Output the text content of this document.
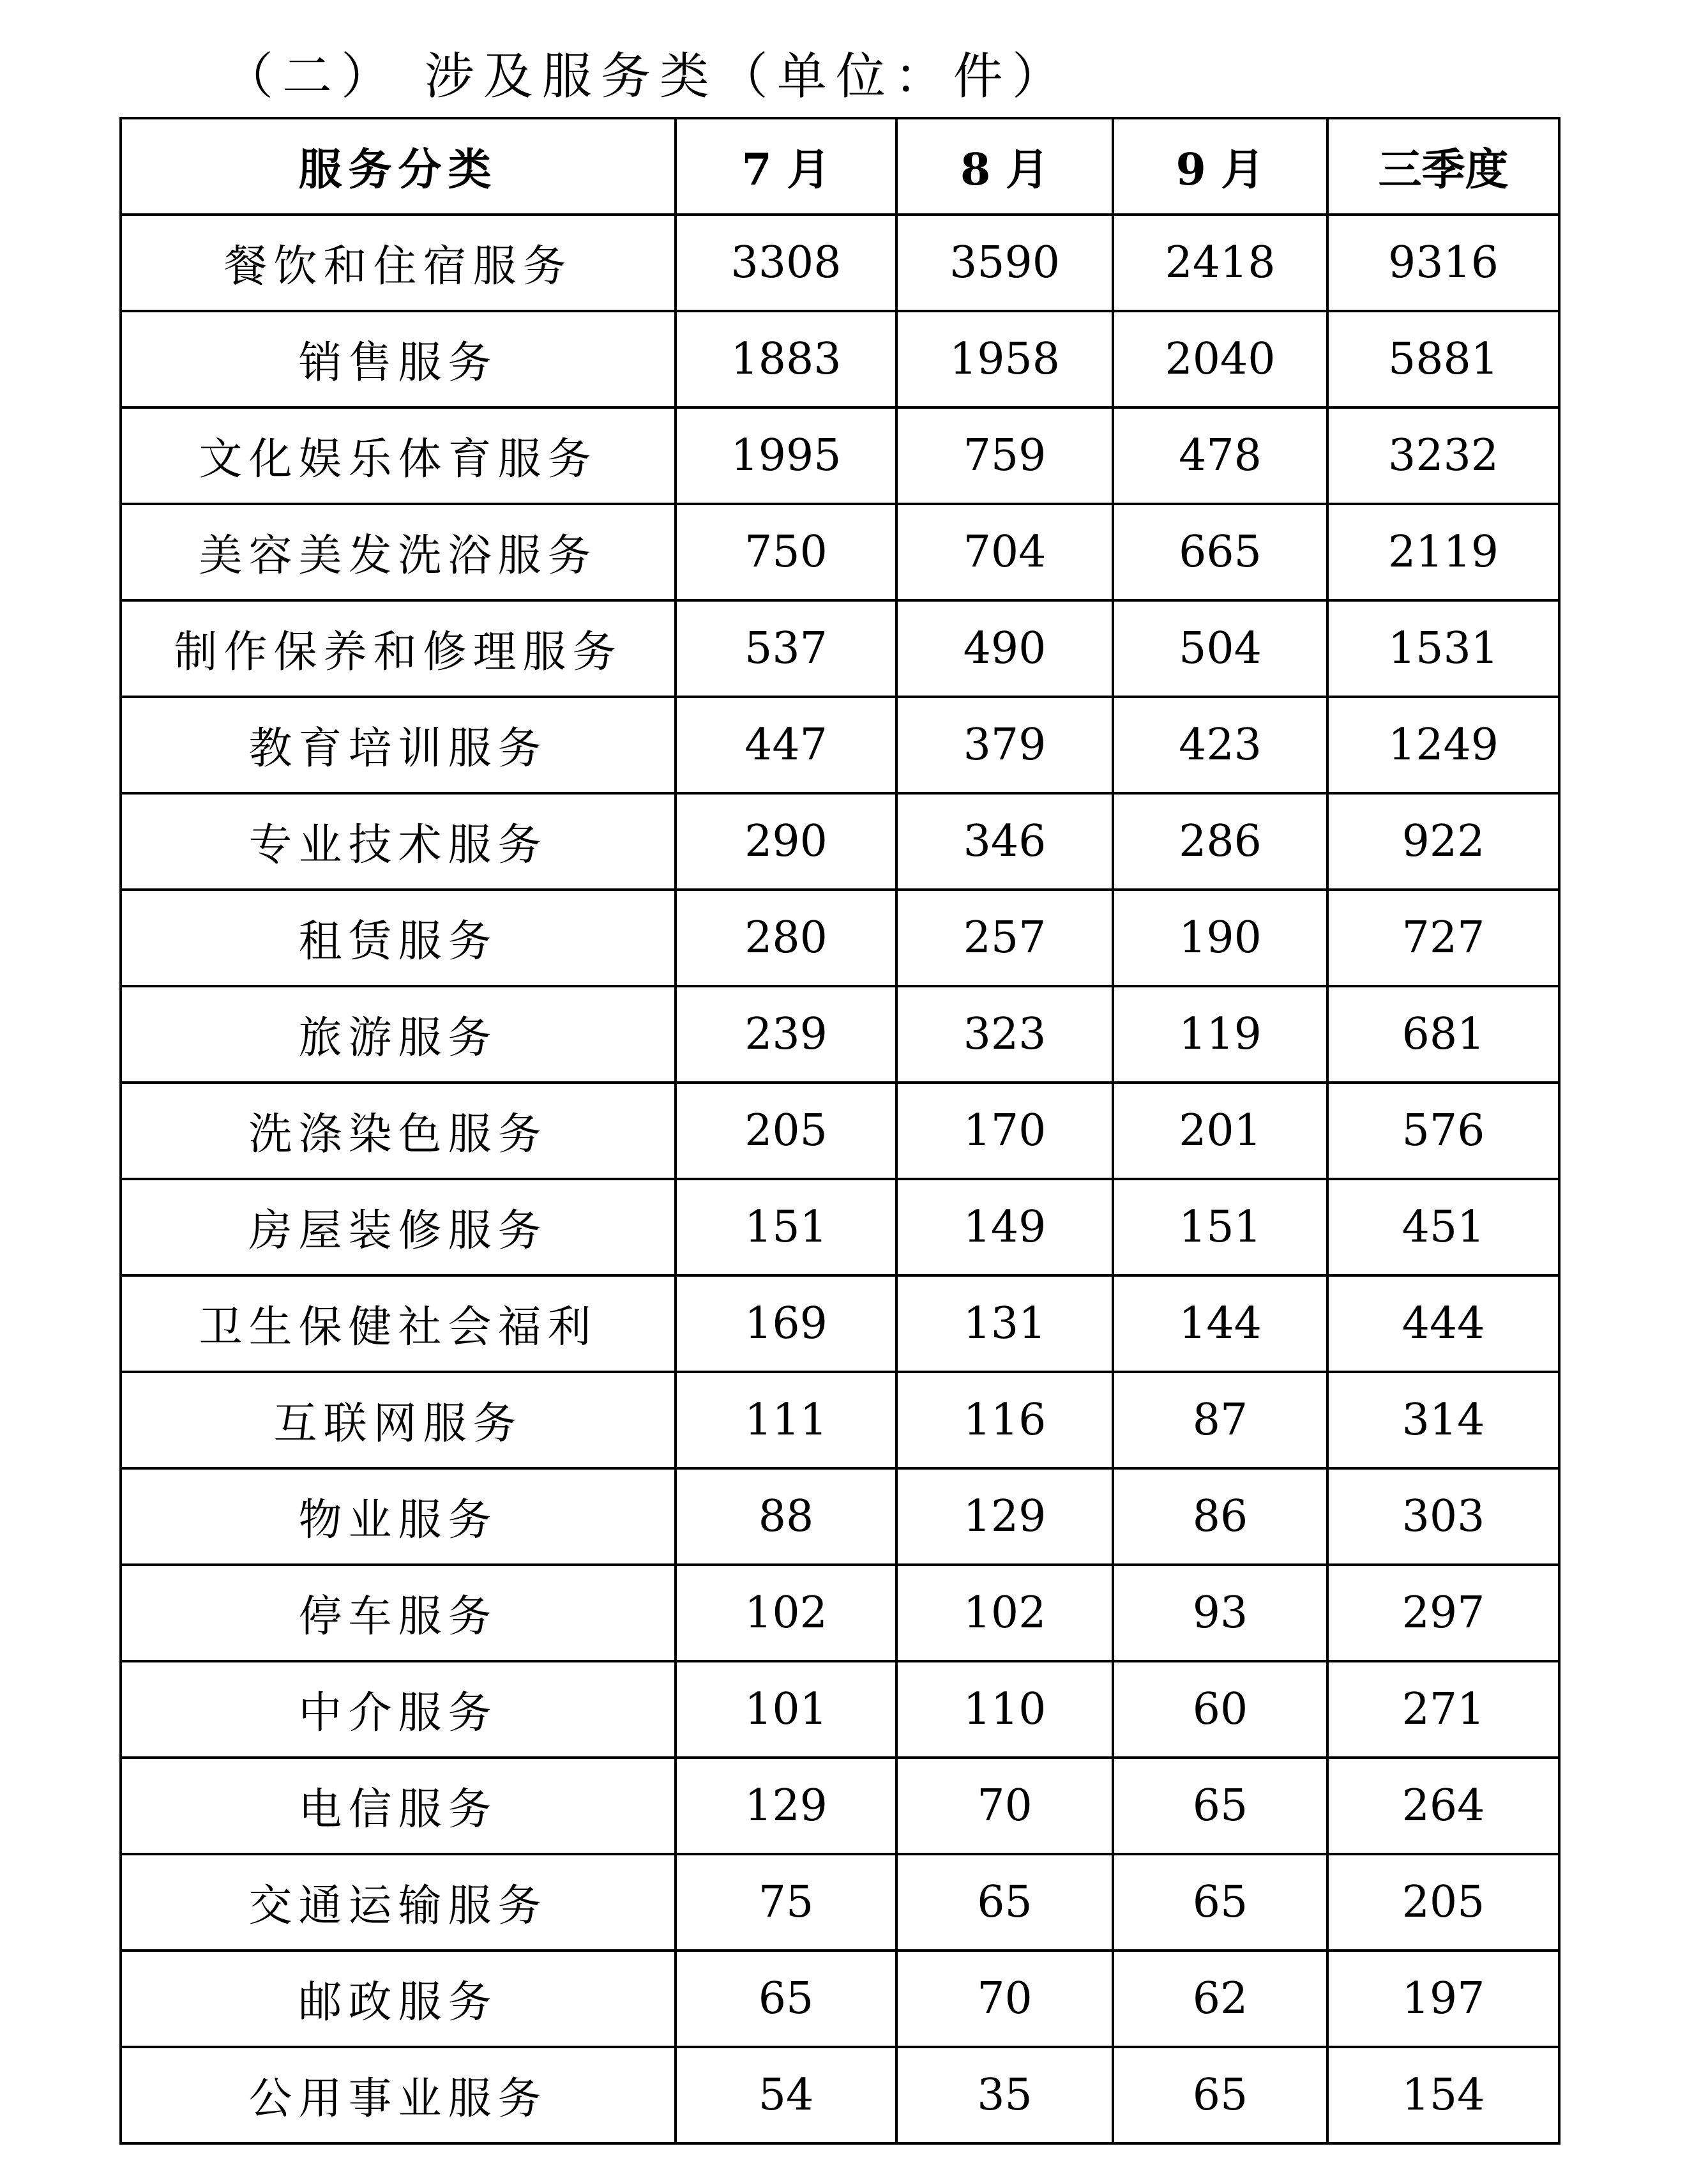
（二） 涉及服务类（单位：件）
服务分类	7 月	8 月	9 月	三季度
餐饮和住宿服务	3308	3590	2418	9316
销售服务	1883	1958	2040	5881
文化娱乐体育服务	1995	759	478	3232
美容美发洗浴服务	750	704	665	2119
制作保养和修理服务	537	490	504	1531
教育培训服务	447	379	423	1249
专业技术服务	290	346	286	922
租赁服务	280	257	190	727
旅游服务	239	323	119	681
洗涤染色服务	205	170	201	576
房屋装修服务	151	149	151	451
卫生保健社会福利	169	131	144	444
互联网服务	111	116	87	314
物业服务	88	129	86	303
停车服务	102	102	93	297
中介服务	101	110	60	271
电信服务	129	70	65	264
交通运输服务	75	65	65	205
邮政服务	65	70	62	197
公用事业服务	54	35	65	154
